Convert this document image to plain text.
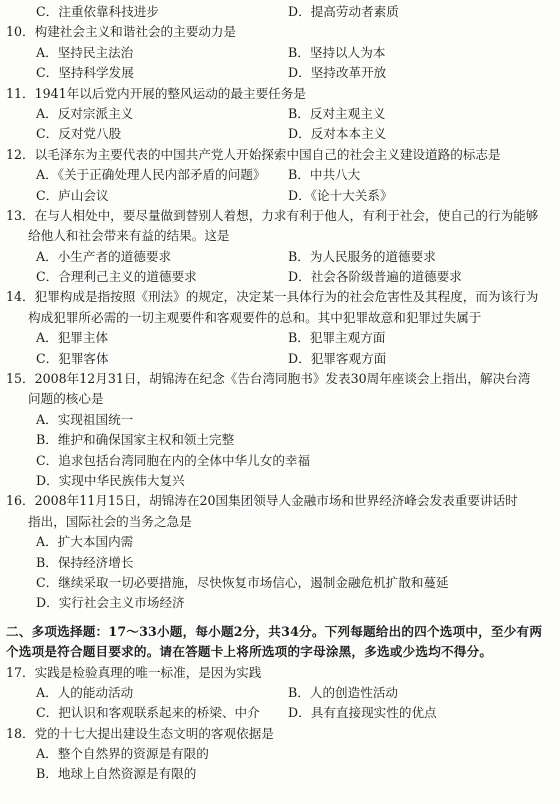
C．注重依靠科技进步	D．提高劳动者素质
10．构建社会主义和谐社会的主要动力是
A．坚持民主法治	B．坚持以人为本
C．坚持科学发展	D．坚持改革开放
11．1941年以后党内开展的整风运动的最主要任务是
A．反对宗派主义	B．反对主观主义
C．反对党八股	D．反对本本主义
12．以毛泽东为主要代表的中国共产党人开始探索中国自己的社会主义建设道路的标志是
A．《关于正确处理人民内部矛盾的问题》	B．中共八大
C．庐山会议	D．《论十大关系》
13．在与人相处中，要尽量做到替别人着想，力求有利于他人，有利于社会，使自己的行为能够
给他人和社会带来有益的结果。这是
A．小生产者的道德要求	B．为人民服务的道德要求
C．合理利己主义的道德要求	D．社会各阶级普遍的道德要求
14．犯罪构成是指按照《刑法》的规定，决定某一具体行为的社会危害性及其程度，而为该行为
构成犯罪所必需的一切主观要件和客观要件的总和。其中犯罪故意和犯罪过失属于
A．犯罪主体	B．犯罪主观方面
C．犯罪客体	D．犯罪客观方面
15．2008年12月31日，胡锦涛在纪念《告台湾同胞书》发表30周年座谈会上指出，解决台湾
问题的核心是
A．实现祖国统一
B．维护和确保国家主权和领土完整
C．追求包括台湾同胞在内的全体中华儿女的幸福
D．实现中华民族伟大复兴
16．2008年11月15日，胡锦涛在20国集团领导人金融市场和世界经济峰会发表重要讲话时
指出，国际社会的当务之急是
A．扩大本国内需
B．保持经济增长
C．继续采取一切必要措施，尽快恢复市场信心，遏制金融危机扩散和蔓延
D．实行社会主义市场经济
二、多项选择题：17～33小题，每小题2分，共34分。下列每题给出的四个选项中，至少有两
个选项是符合题目要求的。请在答题卡上将所选项的字母涂黑，多选或少选均不得分。
17．实践是检验真理的唯一标准，是因为实践
A．人的能动活动	B．人的创造性活动
C．把认识和客观联系起来的桥梁、中介	D．具有直接现实性的优点
18．党的十七大提出建设生态文明的客观依据是
A．整个自然界的资源是有限的
B．地球上自然资源是有限的
